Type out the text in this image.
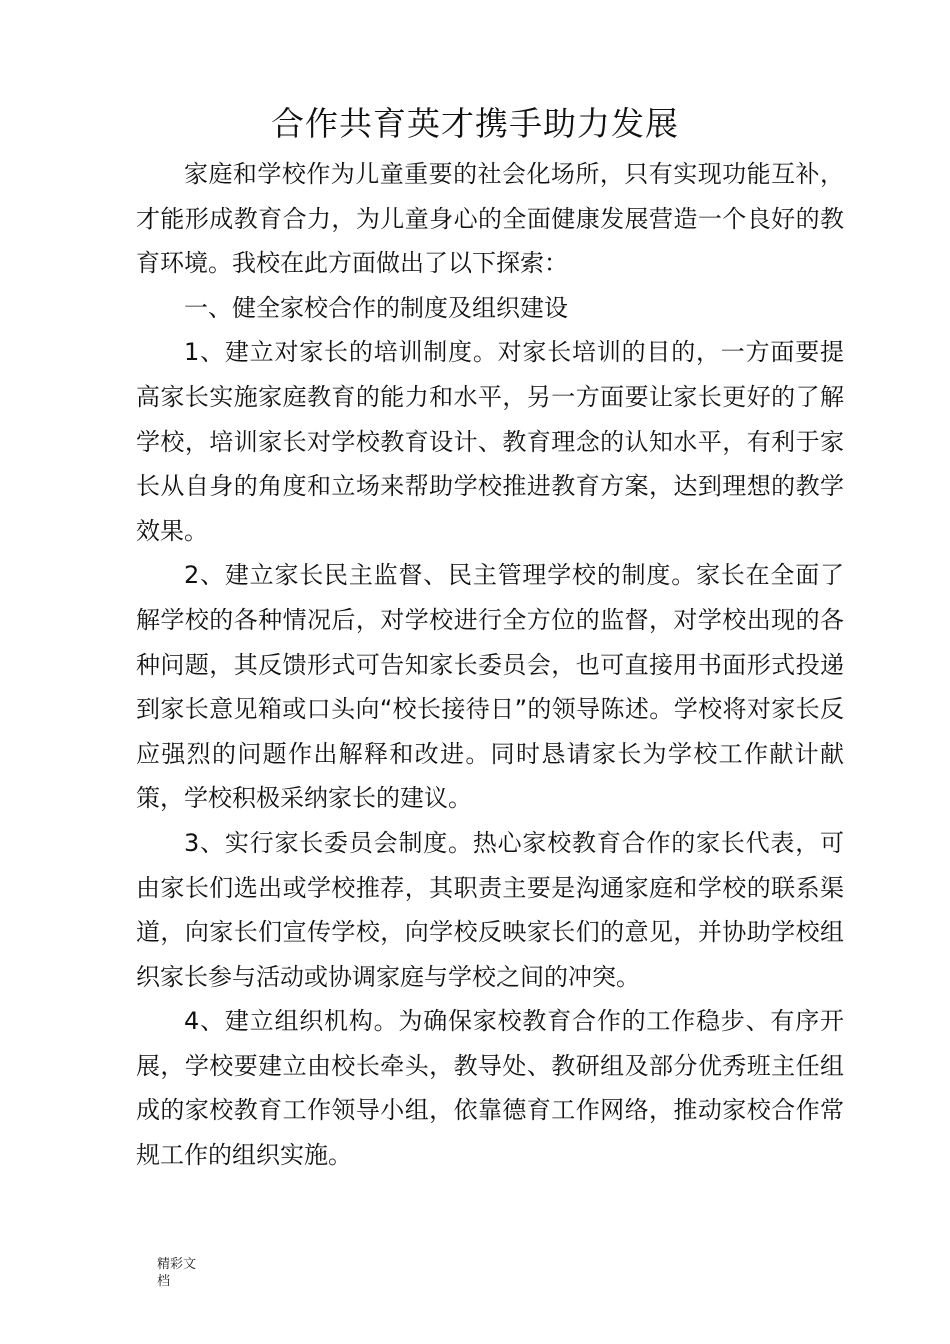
合作共育英才携手助力发展

家庭和学校作为儿童重要的社会化场所，只有实现功能互补，才能形成教育合力，为儿童身心的全面健康发展营造一个良好的教育环境。我校在此方面做出了以下探索：

一、健全家校合作的制度及组织建设

1、建立对家长的培训制度。对家长培训的目的，一方面要提高家长实施家庭教育的能力和水平，另一方面要让家长更好的了解学校，培训家长对学校教育设计、教育理念的认知水平，有利于家长从自身的角度和立场来帮助学校推进教育方案，达到理想的教学效果。

2、建立家长民主监督、民主管理学校的制度。家长在全面了解学校的各种情况后，对学校进行全方位的监督，对学校出现的各种问题，其反馈形式可告知家长委员会，也可直接用书面形式投递到家长意见箱或口头向“校长接待日”的领导陈述。学校将对家长反应强烈的问题作出解释和改进。同时恳请家长为学校工作献计献策，学校积极采纳家长的建议。

3、实行家长委员会制度。热心家校教育合作的家长代表，可由家长们选出或学校推荐，其职责主要是沟通家庭和学校的联系渠道，向家长们宣传学校，向学校反映家长们的意见，并协助学校组织家长参与活动或协调家庭与学校之间的冲突。

4、建立组织机构。为确保家校教育合作的工作稳步、有序开展，学校要建立由校长牵头，教导处、教研组及部分优秀班主任组成的家校教育工作领导小组，依靠德育工作网络，推动家校合作常规工作的组织实施。

精彩文档
